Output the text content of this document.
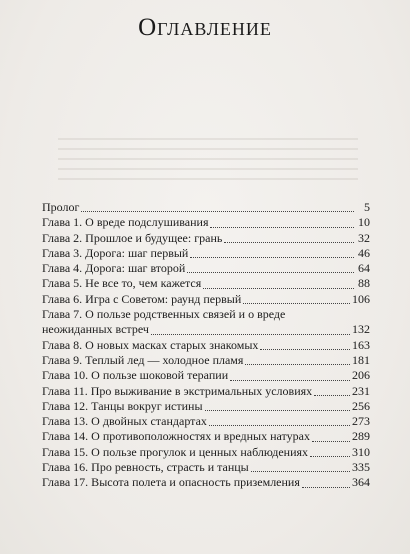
Оглавление
Пролог	5
Глава 1. О вреде подслушивания	10
Глава 2. Прошлое и будущее: грань	32
Глава 3. Дорога: шаг первый	46
Глава 4. Дорога: шаг второй	64
Глава 5. Не все то, чем кажется	88
Глава 6. Игра с Советом: раунд первый	106
Глава 7. О пользе родственных связей и о вреде
неожиданных встреч	132
Глава 8. О новых масках старых знакомых	163
Глава 9. Теплый лед — холодное пламя	181
Глава 10. О пользе шоковой терапии	206
Глава 11. Про выживание в экстримальных условиях	231
Глава 12. Танцы вокруг истины	256
Глава 13. О двойных стандартах	273
Глава 14. О противоположностях и вредных натурах	289
Глава 15. О пользе прогулок и ценных наблюдениях	310
Глава 16. Про ревность, страсть и танцы	335
Глава 17. Высота полета и опасность приземления	364
